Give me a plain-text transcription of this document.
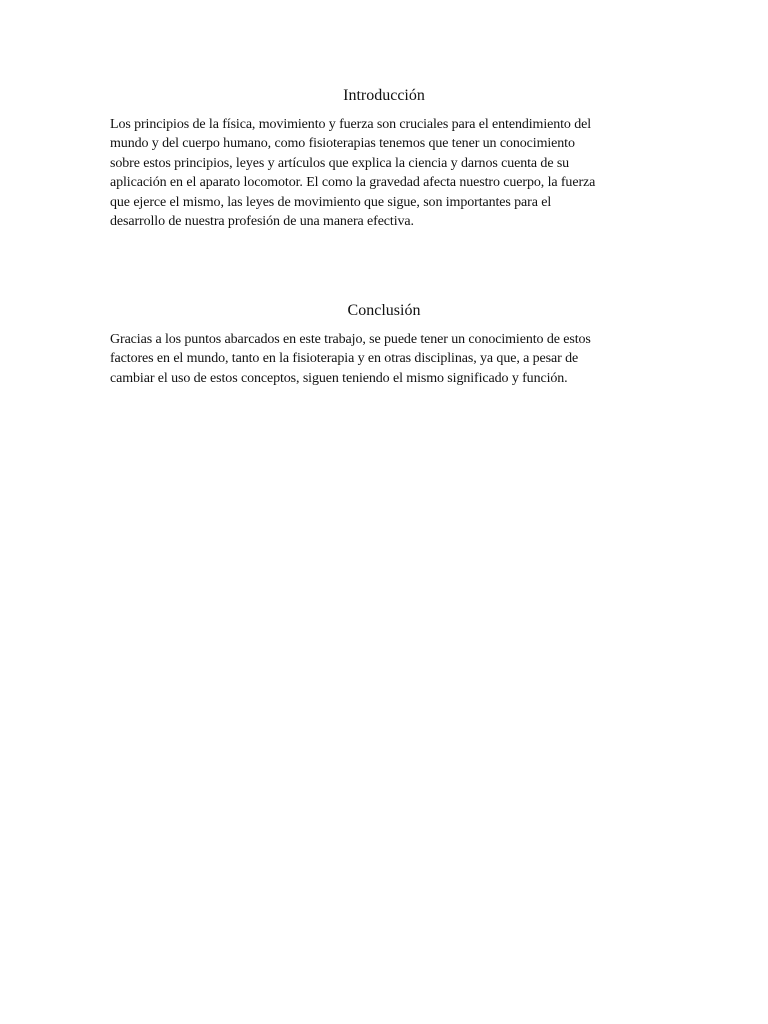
Introducción
Los principios de la física, movimiento y fuerza son cruciales para el entendimiento del
mundo y del cuerpo humano, como fisioterapias tenemos que tener un conocimiento
sobre estos principios, leyes y artículos que explica la ciencia y darnos cuenta de su
aplicación en el aparato locomotor. El como la gravedad afecta nuestro cuerpo, la fuerza
que ejerce el mismo, las leyes de movimiento que sigue, son importantes para el
desarrollo de nuestra profesión de una manera efectiva.
Conclusión
Gracias a los puntos abarcados en este trabajo, se puede tener un conocimiento de estos
factores en el mundo, tanto en la fisioterapia y en otras disciplinas, ya que, a pesar de
cambiar el uso de estos conceptos, siguen teniendo el mismo significado y función.
